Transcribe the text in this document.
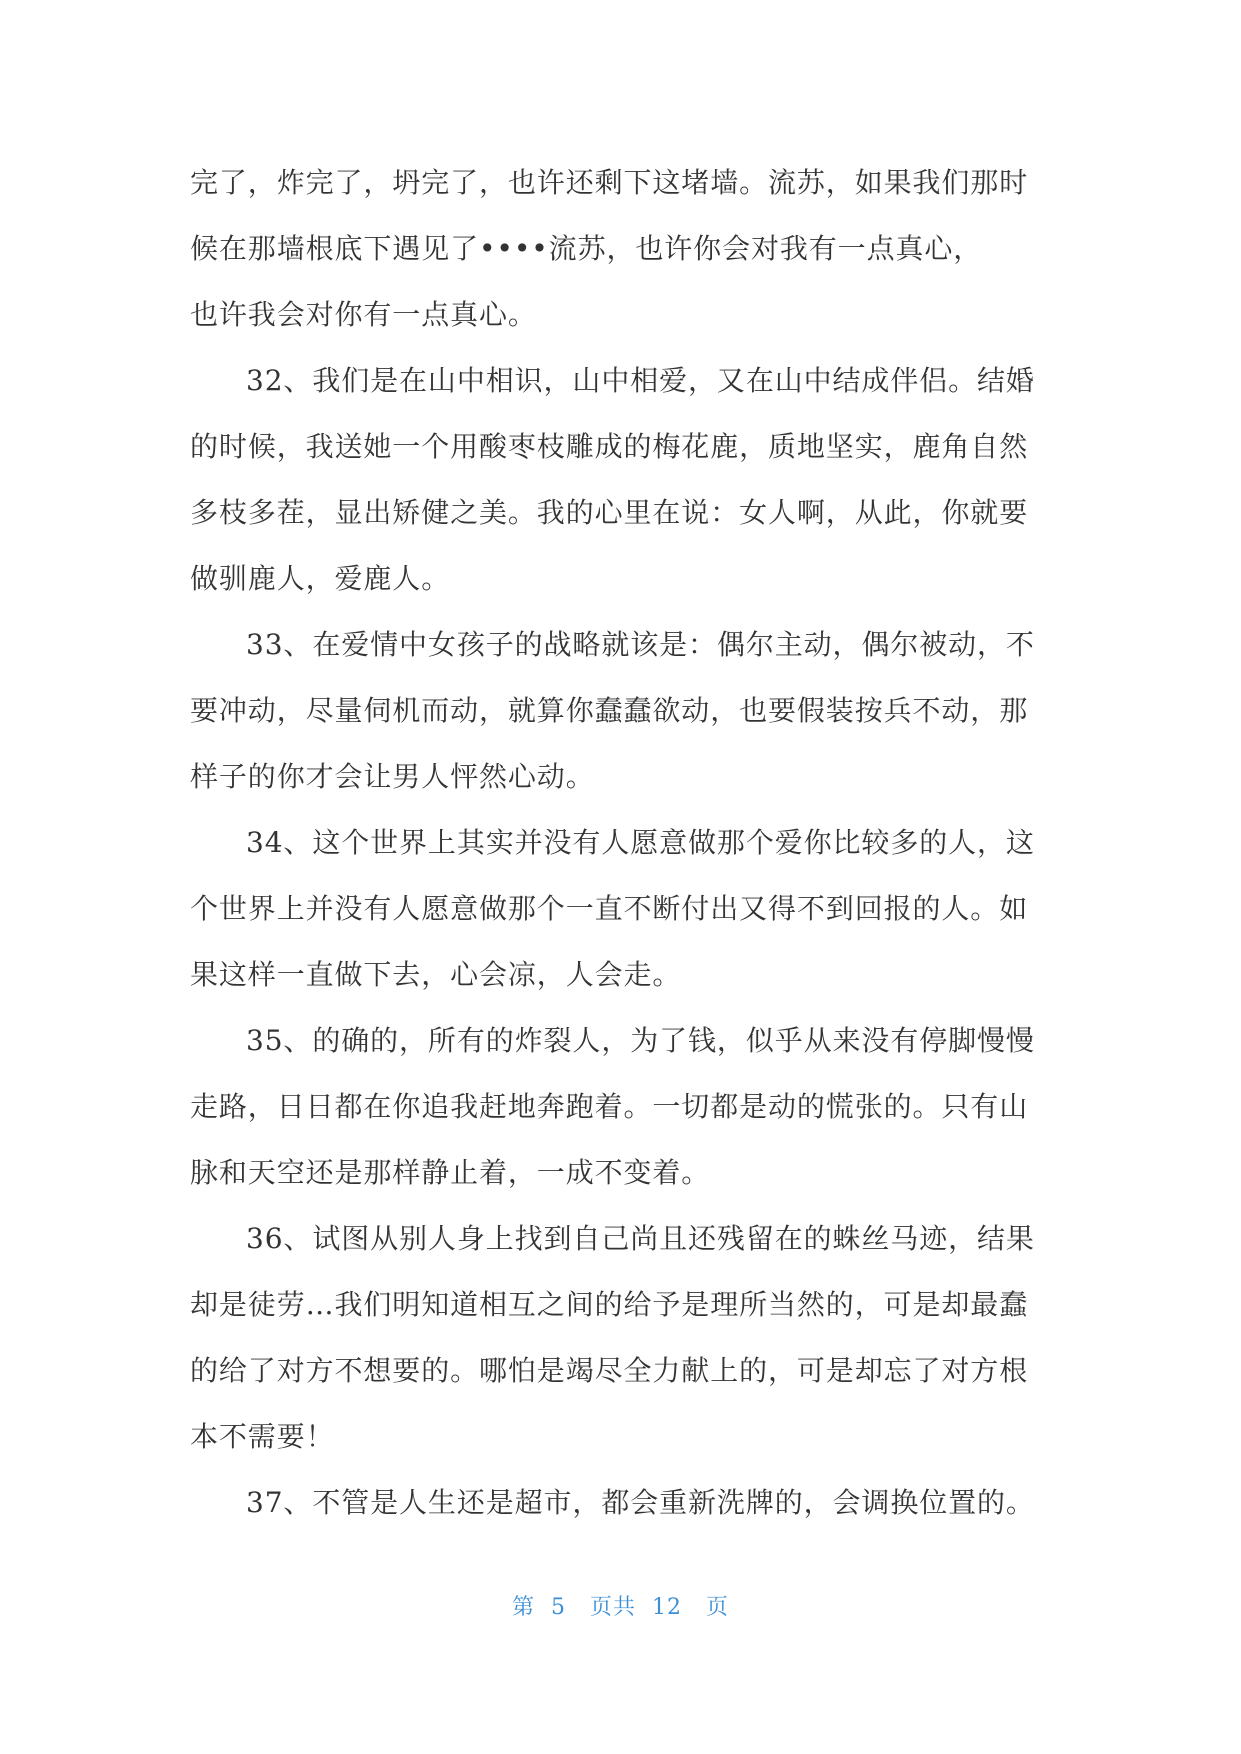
完了，炸完了，坍完了，也许还剩下这堵墙。流苏，如果我们那时
候在那墙根底下遇见了••••流苏，也许你会对我有一点真心，
也许我会对你有一点真心。
32、我们是在山中相识，山中相爱，又在山中结成伴侣。结婚
的时候，我送她一个用酸枣枝雕成的梅花鹿，质地坚实，鹿角自然
多枝多茬，显出矫健之美。我的心里在说：女人啊，从此，你就要
做驯鹿人，爱鹿人。
33、在爱情中女孩子的战略就该是：偶尔主动，偶尔被动，不
要冲动，尽量伺机而动，就算你蠢蠢欲动，也要假装按兵不动，那
样子的你才会让男人怦然心动。
34、这个世界上其实并没有人愿意做那个爱你比较多的人，这
个世界上并没有人愿意做那个一直不断付出又得不到回报的人。如
果这样一直做下去，心会凉，人会走。
35、的确的，所有的炸裂人，为了钱，似乎从来没有停脚慢慢
走路，日日都在你追我赶地奔跑着。一切都是动的慌张的。只有山
脉和天空还是那样静止着，一成不变着。
36、试图从别人身上找到自己尚且还残留在的蛛丝马迹，结果
却是徒劳…我们明知道相互之间的给予是理所当然的，可是却最蠢
的给了对方不想要的。哪怕是竭尽全力献上的，可是却忘了对方根
本不需要！
37、不管是人生还是超市，都会重新洗牌的，会调换位置的。
第  5   页共  12   页
